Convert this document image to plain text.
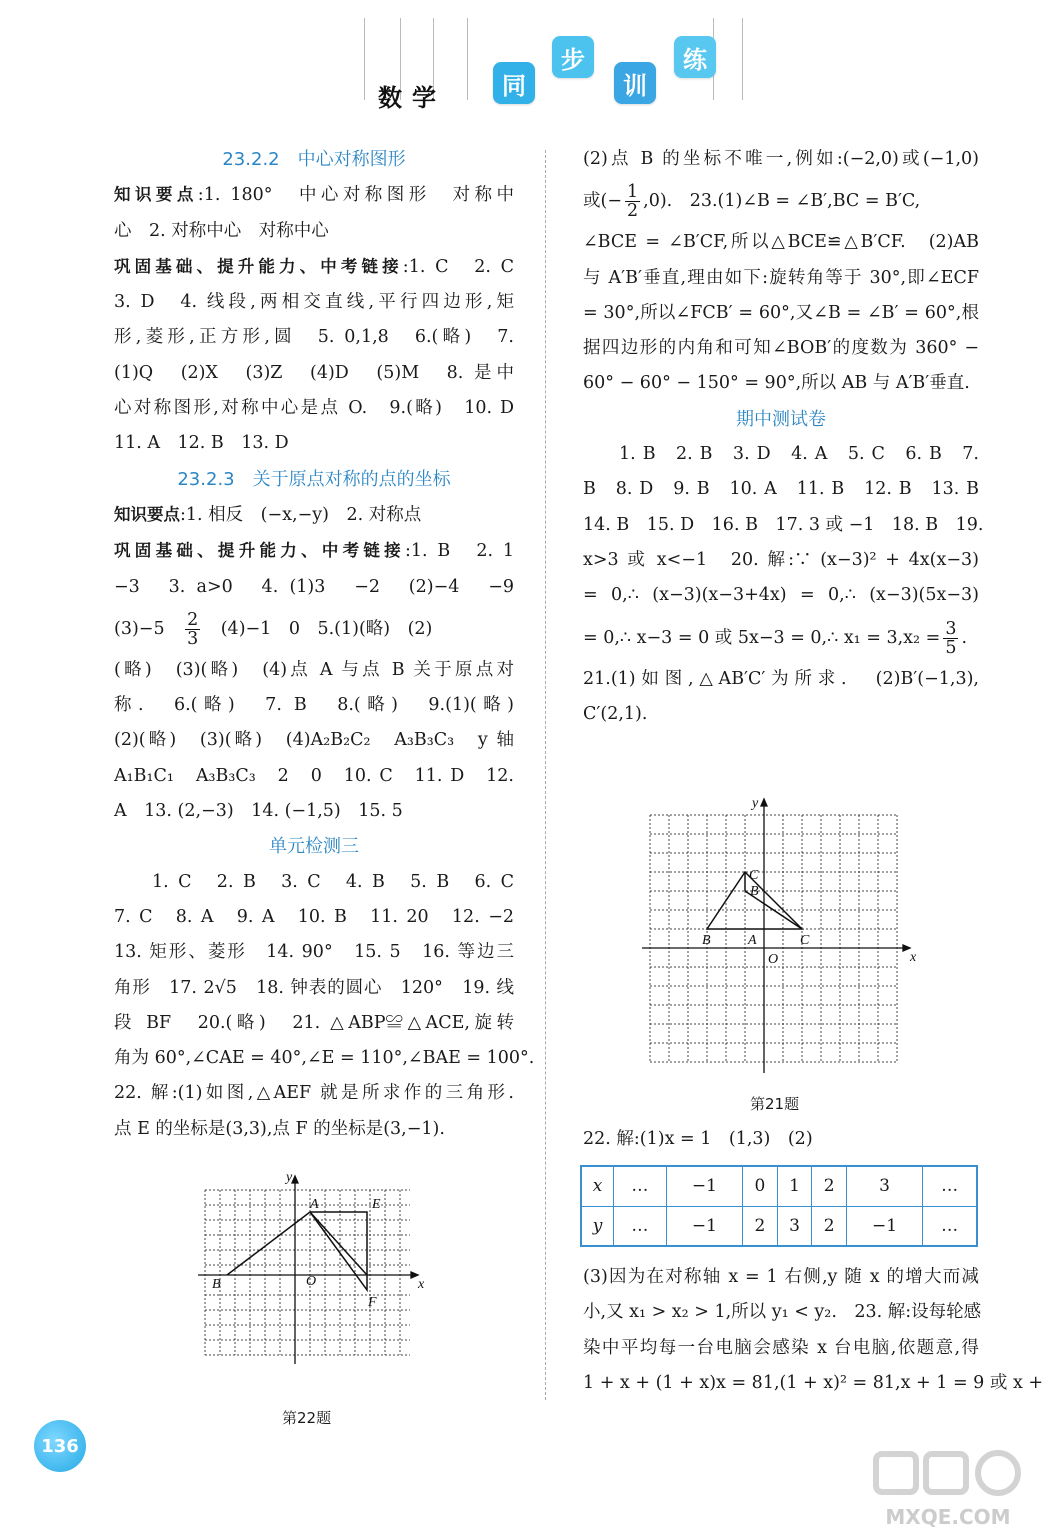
数学	同
步
训
练
23.2.2　中心对称图形
知识要点:1. 180°　中心对称图形　对称中
心　2. 对称中心　对称中心
巩固基础、提升能力、中考链接:1. C　2. C
3. D　4. 线段,两相交直线,平行四边形,矩
形,菱形,正方形,圆　5. 0,1,8　6.(略)　7.
(1)Q　(2)X　(3)Z　(4)D　(5)M　8. 是中
心对称图形,对称中心是点 O.　9.(略)　10. D
11. A　12. B　13. D
23.2.3　关于原点对称的点的坐标
知识要点:1. 相反　(−x,−y)　2. 对称点
巩固基础、提升能力、中考链接:1. B　2. 1
−3　3. a>0　4. (1)3　−2　(2)−4　−9
(3)−5　 $\frac{2}{3}$
　 (4)−1　0　5.(1)(略)　(2)
(略)　(3)(略)　(4)点 A 与点 B 关于原点对
称.　6.(略)　7. B　8.(略)　9.(1)(略)
(2)(略)　(3)(略)　(4)A₂B₂C₂　A₃B₃C₃　y 轴
A₁B₁C₁　A₃B₃C₃　2　0　10. C　11. D　12.
A　13. (2,−3)　14. (−1,5)　15. 5
单元检测三
1. C　2. B　3. C　4. B　5. B　6. C
7. C　8. A　9. A　10. B　11. 20　12. −2
13. 矩形、菱形　14. 90°　15. 5　16. 等边三
角形　17. 2√5　18. 钟表的圆心　120°　19. 线
段 BF　20.(略)　21. △ABP≌△ACE,旋转
角为 60°,∠CAE = 40°,∠E = 110°,∠BAE = 100°.
22. 解:(1)如图,△AEF 就是所求作的三角形.
点 E 的坐标是(3,3),点 F 的坐标是(3,−1).
y
x
A	E
B	O
F
第22题
(2)点 B 的坐标不唯一,例如:(−2,0)或(−1,0)
或(− $\frac{1}{2} ,0$).　23.(1)∠B = ∠B′,BC = B′C,
∠BCE = ∠B′CF,所以△BCE≌△B′CF.　(2)AB
与 A′B′垂直,理由如下:旋转角等于 30°,即∠ECF
= 30°,所以∠FCB′ = 60°,又∠B = ∠B′ = 60°,根
据四边形的内角和可知∠BOB′的度数为 360° −
60° − 60° − 150° = 90°,所以 AB 与 A′B′垂直.
期中测试卷
1. B　2. B　3. D　4. A　5. C　6. B　7.
B　8. D　9. B　10. A　11. B　12. B　13. B
14. B　15. D　16. B　17. 3 或 −1　18. B　19.
x>3 或 x<−1　20. 解:∵ (x−3)² + 4x(x−3)
= 0,∴ (x−3)(x−3+4x) = 0,∴ (x−3)(5x−3)
= 0,∴ x−3 = 0 或 5x−3 = 0,∴ $x_1 = 3,x_2 = \frac{3}{5}$ .
21.(1)如图,△AB′C′为所求.　(2)B′(−1,3),
C′(2,1).
y
x
C
B
B	A	C
O
第21题
22. 解:(1)x = 1　(1,3)　(2)
x	…	−1	0	1	2	3	…
y	…	−1	2	3	2	−1	…
(3)因为在对称轴 x = 1 右侧,y 随 x 的增大而减
小,又 x₁ > x₂ > 1,所以 y₁ < y₂.　23. 解:设每轮感
染中平均每一台电脑会感染 x 台电脑,依题意,得
1 + x + (1 + x)x = 81,(1 + x)² = 81,x + 1 = 9 或 x +
136
MXQE.COM
